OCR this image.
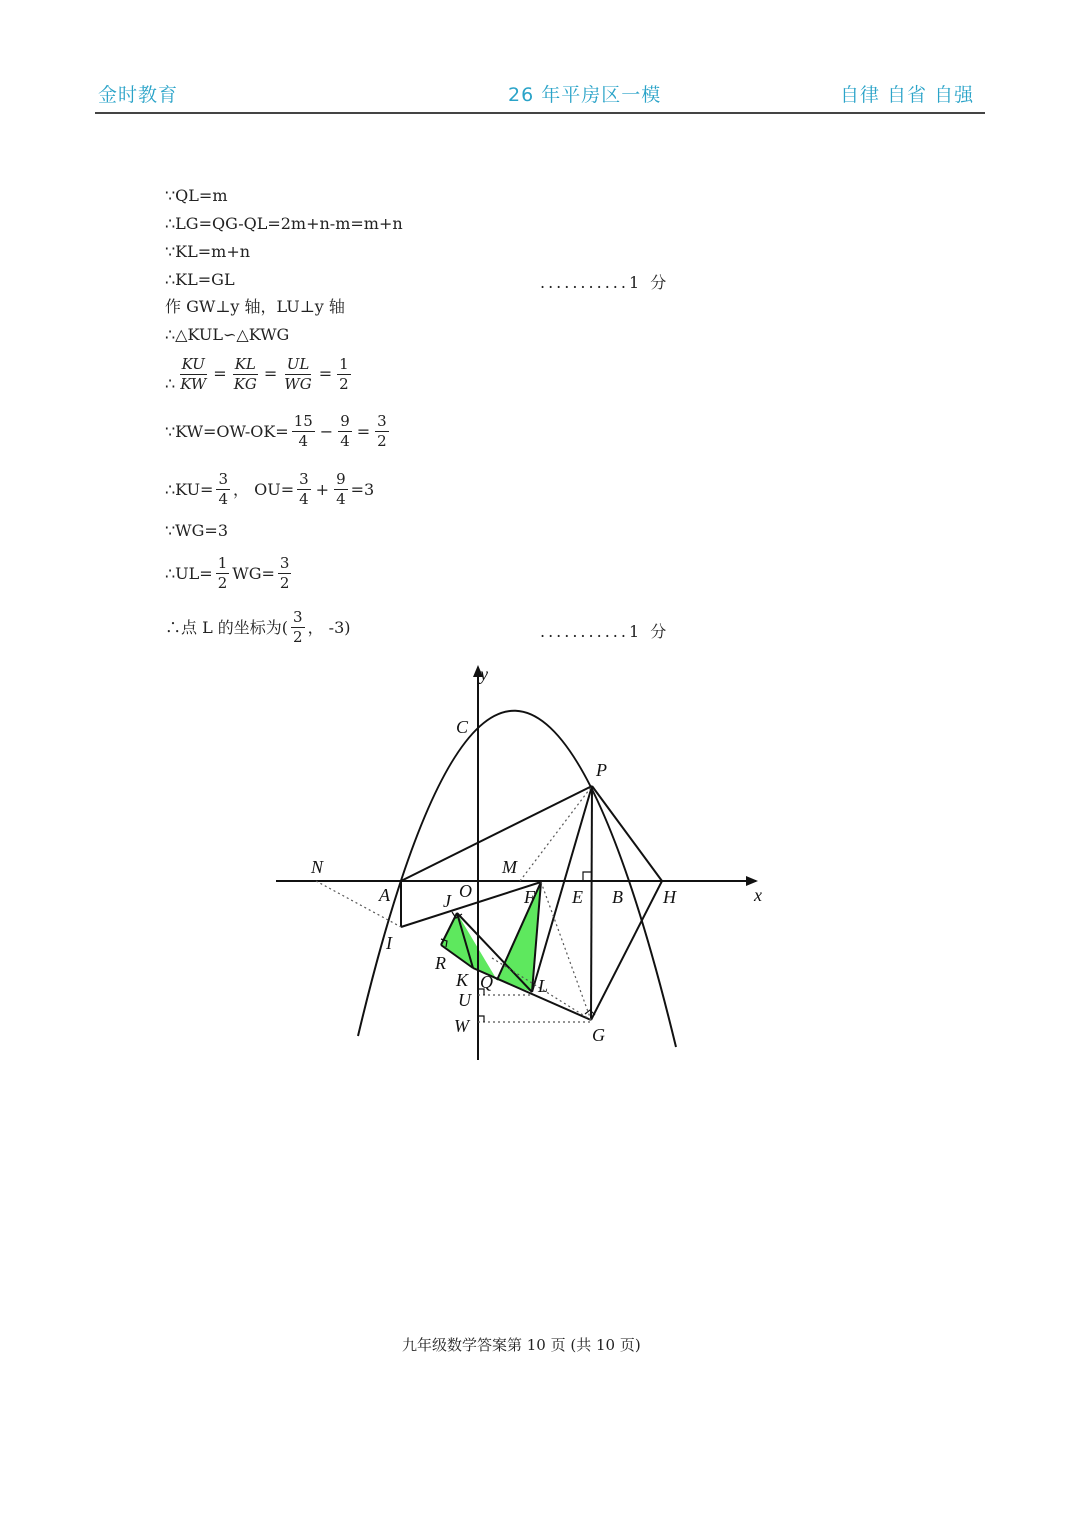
金时教育	26 年平房区一模	自律 自省 自强
∵QL=m
∴LG=QG-QL=2m+n-m=m+n
∵KL=m+n
∴KL=GL	...........1 分
作 GW⊥y 轴，LU⊥y 轴
∴△KUL∽△KWG
∴ $\frac{KU}{KW} = \frac{KL}{KG} = \frac{UL}{WG} = \frac{1}{2}$
∵KW=OW-OK= $\frac{15}{4} - \frac{9}{4} = \frac{3}{2}$
∴KU= $\frac{3}{4}$ ， $OU= \frac{3}{4} + \frac{9}{4} =3$
∵WG=3
∴UL= $\frac{1}{2} WG= \frac{3}{2}$
∴点 L 的坐标为( $\frac{3}{2}$ ， -3)	...........1 分
y
x
C
P
N	M
A	O	F E B H
J
I
R
K Q	L
U
W	G
九年级数学答案第 10 页 (共 10 页)
